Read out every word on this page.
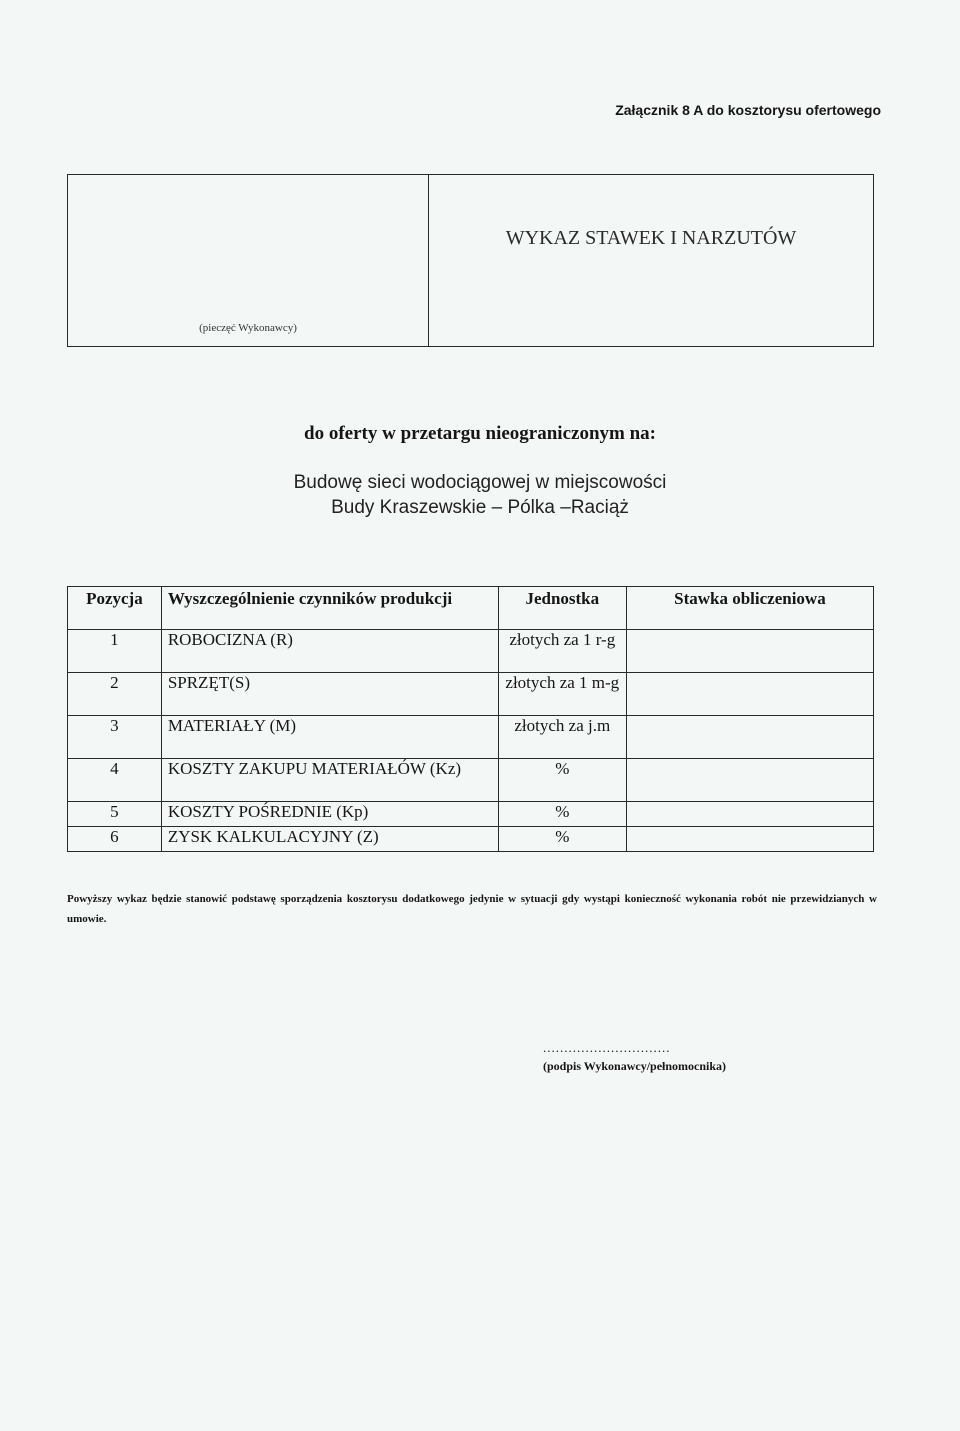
Załącznik 8 A do kosztorysu ofertowego
(pieczęć Wykonawcy)
WYKAZ STAWEK I NARZUTÓW
do oferty w przetargu nieograniczonym na:
Budowę sieci wodociągowej w miejscowości
Budy Kraszewskie – Pólka –Raciąż
Pozycja	Wyszczególnienie czynników produkcji	Jednostka	Stawka obliczeniowa
1	ROBOCIZNA (R)	złotych za 1 r-g	
2	SPRZĘT(S)	złotych za 1 m-g	
3	MATERIAŁY (M)	złotych za j.m	
4	KOSZTY ZAKUPU MATERIAŁÓW (Kz)	%	
5	KOSZTY POŚREDNIE (Kp)	%	
6	ZYSK KALKULACYJNY (Z)	%	
Powyższy wykaz będzie stanowić podstawę sporządzenia kosztorysu dodatkowego jedynie w sytuacji gdy wystąpi konieczność wykonania robót nie przewidzianych w umowie.
..............................
(podpis Wykonawcy/pełnomocnika)
